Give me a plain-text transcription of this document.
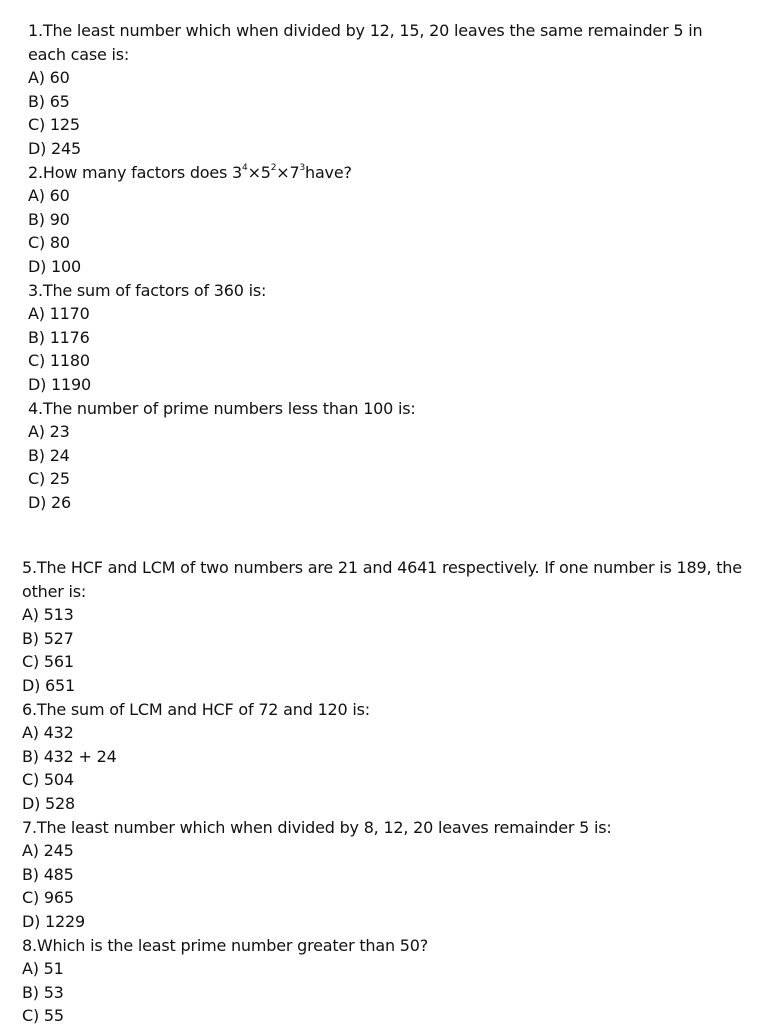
1.The least number which when divided by 12, 15, 20 leaves the same remainder 5 in each case is:

A) 60

B) 65

C) 125

D) 245

2.How many factors does $3^4\times 5^2\times 7^3have$?

A) 60

B) 90

C) 80

D) 100

3.The sum of factors of 360 is:

A) 1170

B) 1176

C) 1180

D) 1190

4.The number of prime numbers less than 100 is:

A) 23

B) 24

C) 25

D) 26

5.The HCF and LCM of two numbers are 21 and 4641 respectively. If one number is 189, the other is:

A) 513

B) 527

C) 561

D) 651

6.The sum of LCM and HCF of 72 and 120 is:

A) 432

B) 432 + 24

C) 504

D) 528

7.The least number which when divided by 8, 12, 20 leaves remainder 5 is:

A) 245

B) 485

C) 965

D) 1229

8.Which is the least prime number greater than 50?

A) 51

B) 53

C) 55
